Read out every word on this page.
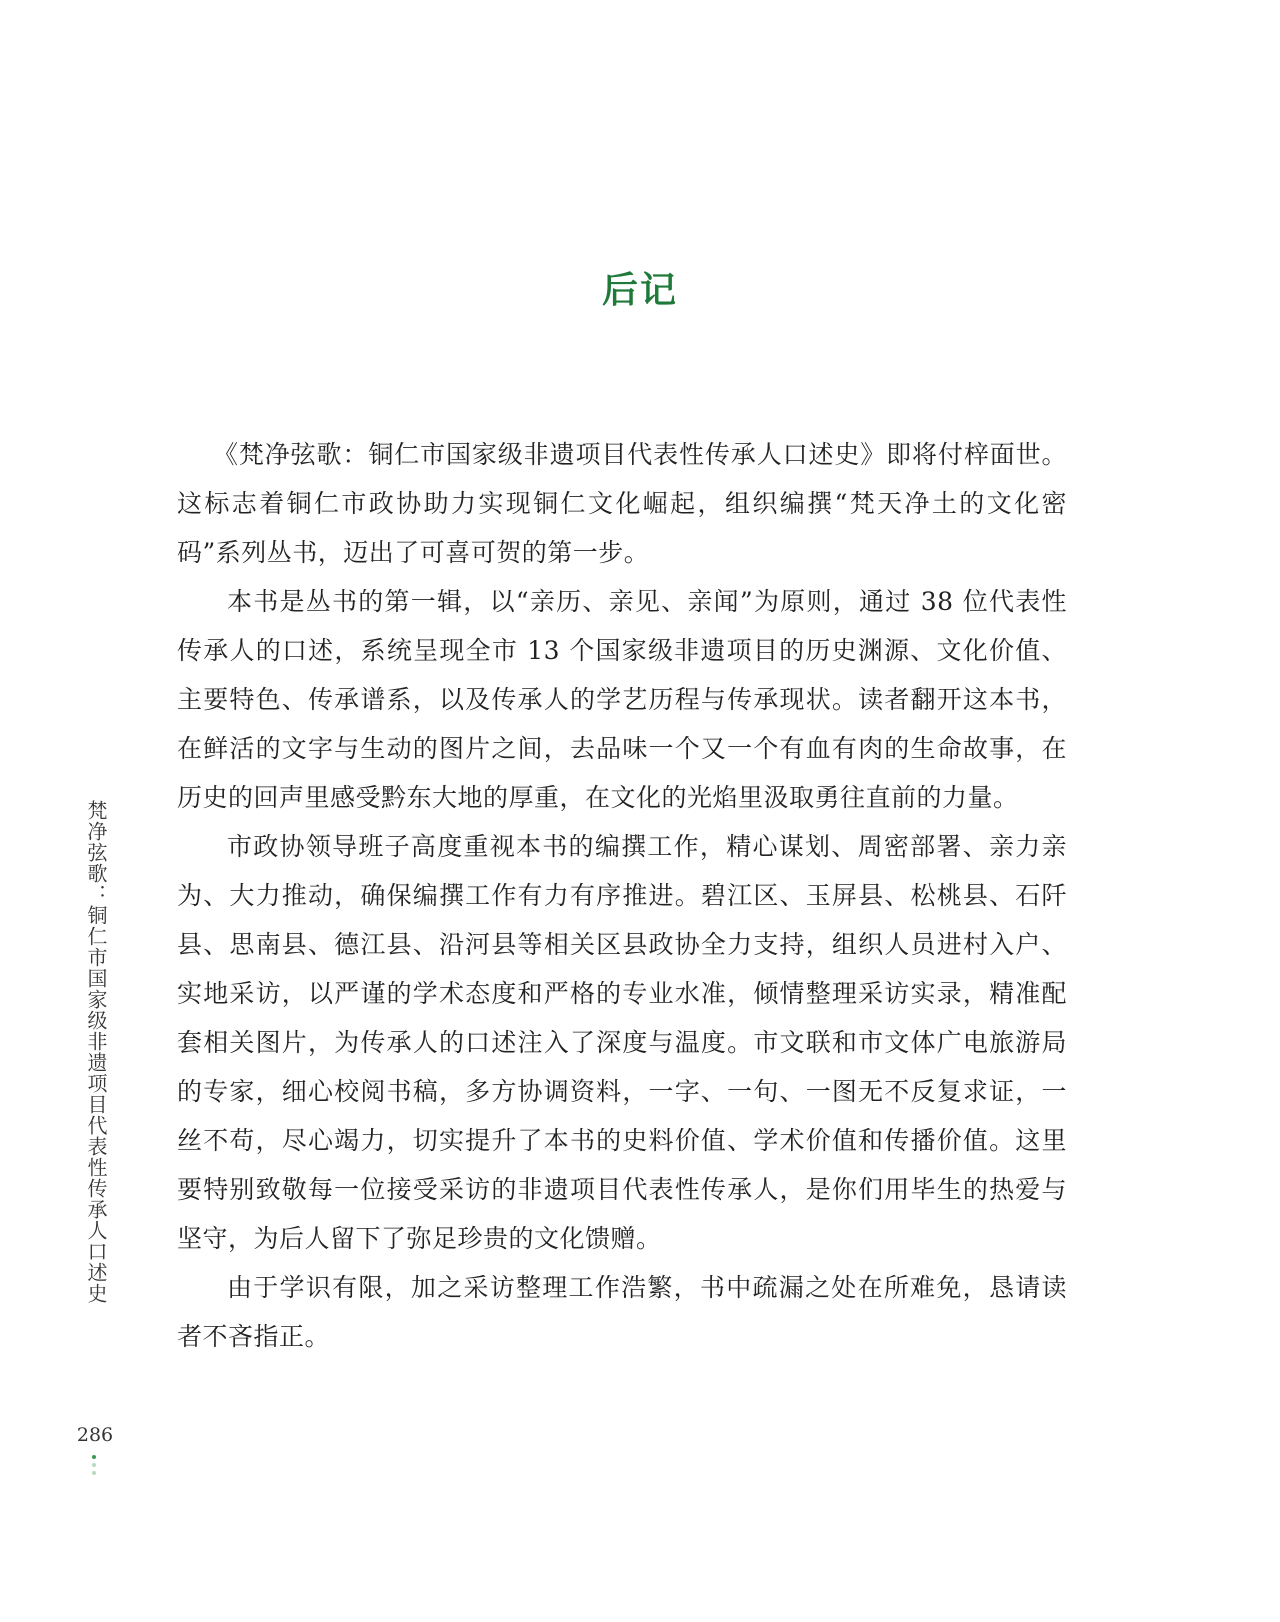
后记

《梵净弦歌：铜仁市国家级非遗项目代表性传承人口述史》即将付梓面世。这标志着铜仁市政协助力实现铜仁文化崛起，组织编撰“梵天净土的文化密码”系列丛书，迈出了可喜可贺的第一步。

本书是丛书的第一辑，以“亲历、亲见、亲闻”为原则，通过 38 位代表性传承人的口述，系统呈现全市 13 个国家级非遗项目的历史渊源、文化价值、主要特色、传承谱系，以及传承人的学艺历程与传承现状。读者翻开这本书，在鲜活的文字与生动的图片之间，去品味一个又一个有血有肉的生命故事，在历史的回声里感受黔东大地的厚重，在文化的光焰里汲取勇往直前的力量。

市政协领导班子高度重视本书的编撰工作，精心谋划、周密部署、亲力亲为、大力推动，确保编撰工作有力有序推进。碧江区、玉屏县、松桃县、石阡县、思南县、德江县、沿河县等相关区县政协全力支持，组织人员进村入户、实地采访，以严谨的学术态度和严格的专业水准，倾情整理采访实录，精准配套相关图片，为传承人的口述注入了深度与温度。市文联和市文体广电旅游局的专家，细心校阅书稿，多方协调资料，一字、一句、一图无不反复求证，一丝不苟，尽心竭力，切实提升了本书的史料价值、学术价值和传播价值。这里要特别致敬每一位接受采访的非遗项目代表性传承人，是你们用毕生的热爱与坚守，为后人留下了弥足珍贵的文化馈赠。

由于学识有限，加之采访整理工作浩繁，书中疏漏之处在所难免，恳请读者不吝指正。

梵净弦歌：铜仁市国家级非遗项目代表性传承人口述史
286
